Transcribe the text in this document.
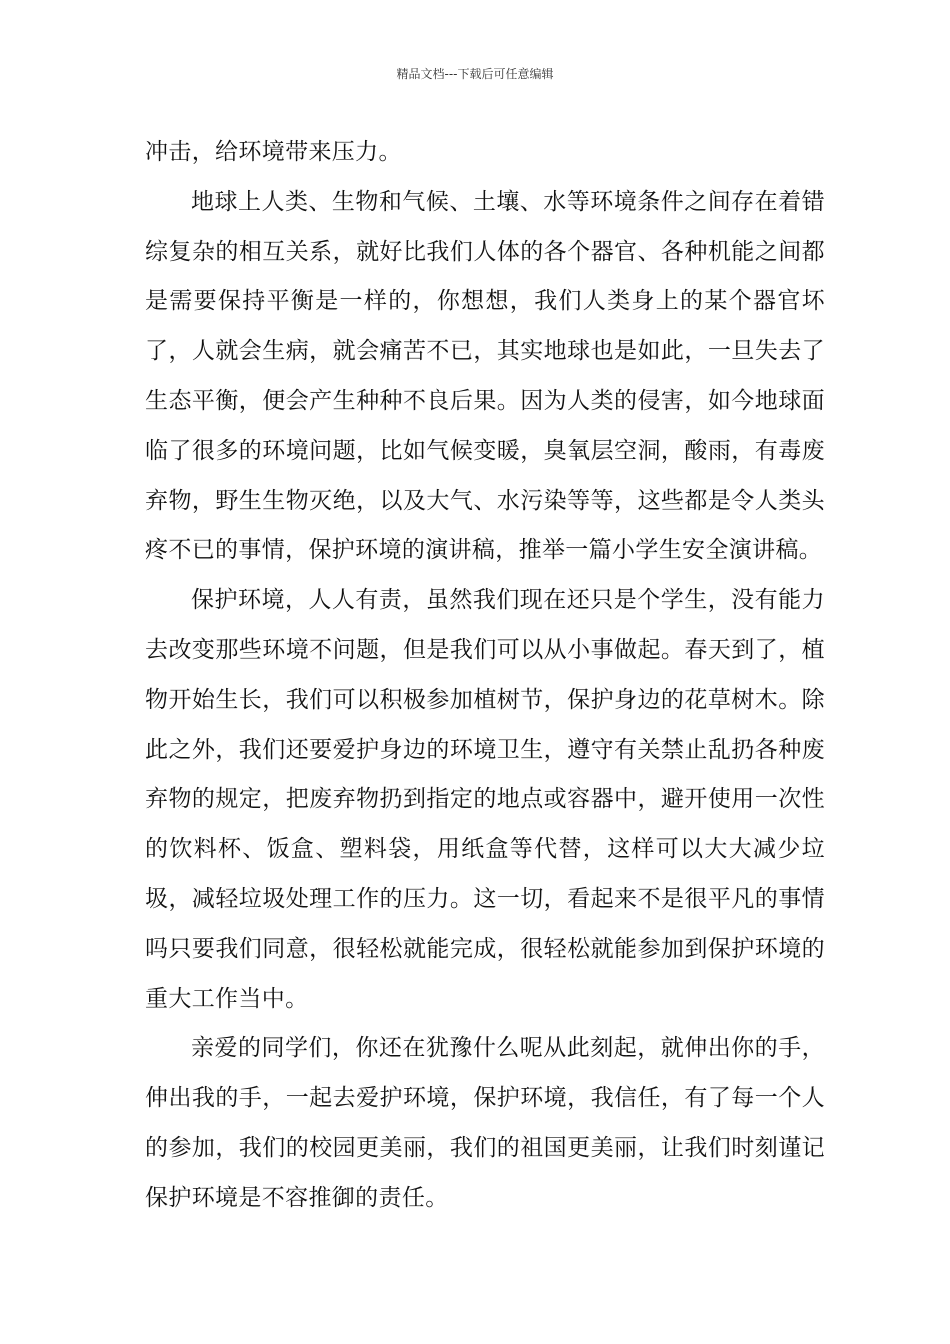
精品文档---下载后可任意编辑

冲击，给环境带来压力。

地球上人类、生物和气候、土壤、水等环境条件之间存在着错综复杂的相互关系，就好比我们人体的各个器官、各种机能之间都是需要保持平衡是一样的，你想想，我们人类身上的某个器官坏了，人就会生病，就会痛苦不已，其实地球也是如此，一旦失去了生态平衡，便会产生种种不良后果。因为人类的侵害，如今地球面临了很多的环境问题，比如气候变暖，臭氧层空洞，酸雨，有毒废弃物，野生生物灭绝，以及大气、水污染等等，这些都是令人类头疼不已的事情，保护环境的演讲稿，推举一篇小学生安全演讲稿。

保护环境，人人有责，虽然我们现在还只是个学生，没有能力去改变那些环境不问题，但是我们可以从小事做起。春天到了，植物开始生长，我们可以积极参加植树节，保护身边的花草树木。除此之外，我们还要爱护身边的环境卫生，遵守有关禁止乱扔各种废弃物的规定，把废弃物扔到指定的地点或容器中，避开使用一次性的饮料杯、饭盒、塑料袋，用纸盒等代替，这样可以大大减少垃圾，减轻垃圾处理工作的压力。这一切，看起来不是很平凡的事情吗只要我们同意，很轻松就能完成，很轻松就能参加到保护环境的重大工作当中。

亲爱的同学们，你还在犹豫什么呢从此刻起，就伸出你的手，伸出我的手，一起去爱护环境，保护环境，我信任，有了每一个人的参加，我们的校园更美丽，我们的祖国更美丽，让我们时刻谨记保护环境是不容推御的责任。
